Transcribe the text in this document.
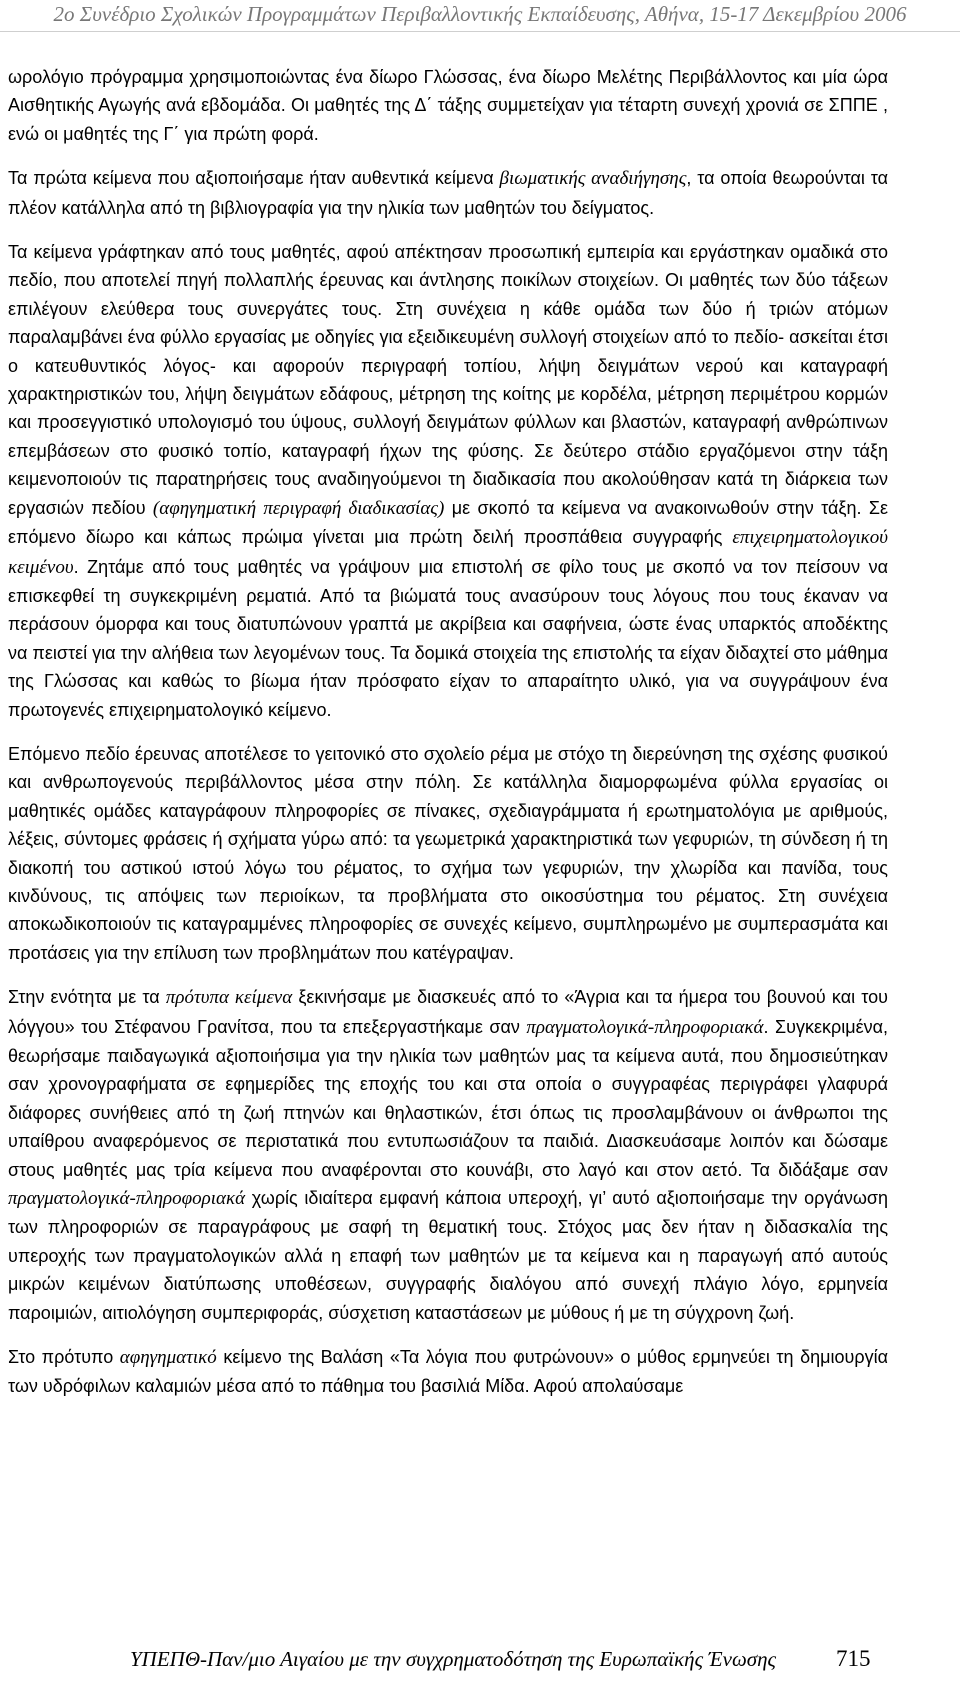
2ο Συνέδριο Σχολικών Προγραμμάτων Περιβαλλοντικής Εκπαίδευσης, Αθήνα, 15-17 Δεκεμβρίου 2006

ωρολόγιο πρόγραμμα χρησιμοποιώντας ένα δίωρο Γλώσσας, ένα δίωρο Μελέτης Περιβάλλοντος και μία ώρα Αισθητικής Αγωγής ανά εβδομάδα. Οι μαθητές της Δ΄ τάξης συμμετείχαν για τέταρτη συνεχή χρονιά σε ΣΠΠΕ , ενώ οι μαθητές της Γ΄ για πρώτη φορά.

Τα πρώτα κείμενα που αξιοποιήσαμε ήταν αυθεντικά κείμενα βιωματικής αναδιήγησης, τα οποία θεωρούνται τα πλέον κατάλληλα από τη βιβλιογραφία για την ηλικία των μαθητών του δείγματος.

Τα κείμενα γράφτηκαν από τους μαθητές, αφού απέκτησαν προσωπική εμπειρία και εργάστηκαν ομαδικά στο πεδίο, που αποτελεί πηγή πολλαπλής έρευνας και άντλησης ποικίλων στοιχείων. Οι μαθητές των δύο τάξεων επιλέγουν ελεύθερα τους συνεργάτες τους. Στη συνέχεια η κάθε ομάδα των δύο ή τριών ατόμων παραλαμβάνει ένα φύλλο εργασίας με οδηγίες για εξειδικευμένη συλλογή στοιχείων από το πεδίο- ασκείται έτσι ο κατευθυντικός λόγος- και αφορούν περιγραφή τοπίου, λήψη δειγμάτων νερού και καταγραφή χαρακτηριστικών του, λήψη δειγμάτων εδάφους, μέτρηση της κοίτης με κορδέλα, μέτρηση περιμέτρου κορμών και προσεγγιστικό υπολογισμό του ύψους, συλλογή δειγμάτων φύλλων και βλαστών, καταγραφή ανθρώπινων επεμβάσεων στο φυσικό τοπίο, καταγραφή ήχων της φύσης. Σε δεύτερο στάδιο εργαζόμενοι στην τάξη κειμενοποιούν τις παρατηρήσεις τους αναδιηγούμενοι τη διαδικασία που ακολούθησαν κατά τη διάρκεια των εργασιών πεδίου (αφηγηματική περιγραφή διαδικασίας) με σκοπό τα κείμενα να ανακοινωθούν στην τάξη. Σε επόμενο δίωρο και κάπως πρώιμα γίνεται μια πρώτη δειλή προσπάθεια συγγραφής επιχειρηματολογικού κειμένου. Ζητάμε από τους μαθητές να γράψουν μια επιστολή σε φίλο τους με σκοπό να τον πείσουν να επισκεφθεί τη συγκεκριμένη ρεματιά. Από τα βιώματά τους ανασύρουν τους λόγους που τους έκαναν να περάσουν όμορφα και τους διατυπώνουν γραπτά με ακρίβεια και σαφήνεια, ώστε ένας υπαρκτός αποδέκτης να πειστεί για την αλήθεια των λεγομένων τους. Τα δομικά στοιχεία της επιστολής τα είχαν διδαχτεί στο μάθημα της Γλώσσας και καθώς το βίωμα ήταν πρόσφατο είχαν το απαραίτητο υλικό, για να συγγράψουν ένα πρωτογενές επιχειρηματολογικό κείμενο.

Επόμενο πεδίο έρευνας αποτέλεσε το γειτονικό στο σχολείο ρέμα με στόχο τη διερεύνηση της σχέσης φυσικού και ανθρωπογενούς περιβάλλοντος μέσα στην πόλη. Σε κατάλληλα διαμορφωμένα φύλλα εργασίας οι μαθητικές ομάδες καταγράφουν πληροφορίες σε πίνακες, σχεδιαγράμματα ή ερωτηματολόγια με αριθμούς, λέξεις, σύντομες φράσεις ή σχήματα γύρω από: τα γεωμετρικά χαρακτηριστικά των γεφυριών, τη σύνδεση ή τη διακοπή του αστικού ιστού λόγω του ρέματος, το σχήμα των γεφυριών, την χλωρίδα και πανίδα, τους κινδύνους, τις απόψεις των περιοίκων, τα προβλήματα στο οικοσύστημα του ρέματος. Στη συνέχεια αποκωδικοποιούν τις καταγραμμένες πληροφορίες σε συνεχές κείμενο, συμπληρωμένο με συμπερασμάτα και προτάσεις για την επίλυση των προβλημάτων που κατέγραψαν.

Στην ενότητα με τα πρότυπα κείμενα ξεκινήσαμε με διασκευές από το «Άγρια και τα ήμερα του βουνού και του λόγγου» του Στέφανου Γρανίτσα, που τα επεξεργαστήκαμε σαν πραγματολογικά-πληροφοριακά. Συγκεκριμένα, θεωρήσαμε παιδαγωγικά αξιοποιήσιμα για την ηλικία των μαθητών μας τα κείμενα αυτά, που δημοσιεύτηκαν σαν χρονογραφήματα σε εφημερίδες της εποχής του και στα οποία ο συγγραφέας περιγράφει γλαφυρά διάφορες συνήθειες από τη ζωή πτηνών και θηλαστικών, έτσι όπως τις προσλαμβάνουν οι άνθρωποι της υπαίθρου αναφερόμενος σε περιστατικά που εντυπωσιάζουν τα παιδιά. Διασκευάσαμε λοιπόν και δώσαμε στους μαθητές μας τρία κείμενα που αναφέρονται στο κουνάβι, στο λαγό και στον αετό. Τα διδάξαμε σαν πραγματολογικά-πληροφοριακά χωρίς ιδιαίτερα εμφανή κάποια υπεροχή, γι’ αυτό αξιοποιήσαμε την οργάνωση των πληροφοριών σε παραγράφους με σαφή τη θεματική τους. Στόχος μας δεν ήταν η διδασκαλία της υπεροχής των πραγματολογικών αλλά η επαφή των μαθητών με τα κείμενα και η παραγωγή από αυτούς μικρών κειμένων διατύπωσης υποθέσεων, συγγραφής διαλόγου από συνεχή πλάγιο λόγο, ερμηνεία παροιμιών, αιτιολόγηση συμπεριφοράς, σύσχετιση καταστάσεων με μύθους ή με τη σύγχρονη ζωή.

Στο πρότυπο αφηγηματικό κείμενο της Βαλάση «Τα λόγια που φυτρώνουν» ο μύθος ερμηνεύει τη δημιουργία των υδρόφιλων καλαμιών μέσα από το πάθημα του βασιλιά Μίδα. Αφού απολαύσαμε

ΥΠΕΠΘ-Παν/μιο Αιγαίου με την συγχρηματοδότηση της Ευρωπαϊκής Ένωσης	715
